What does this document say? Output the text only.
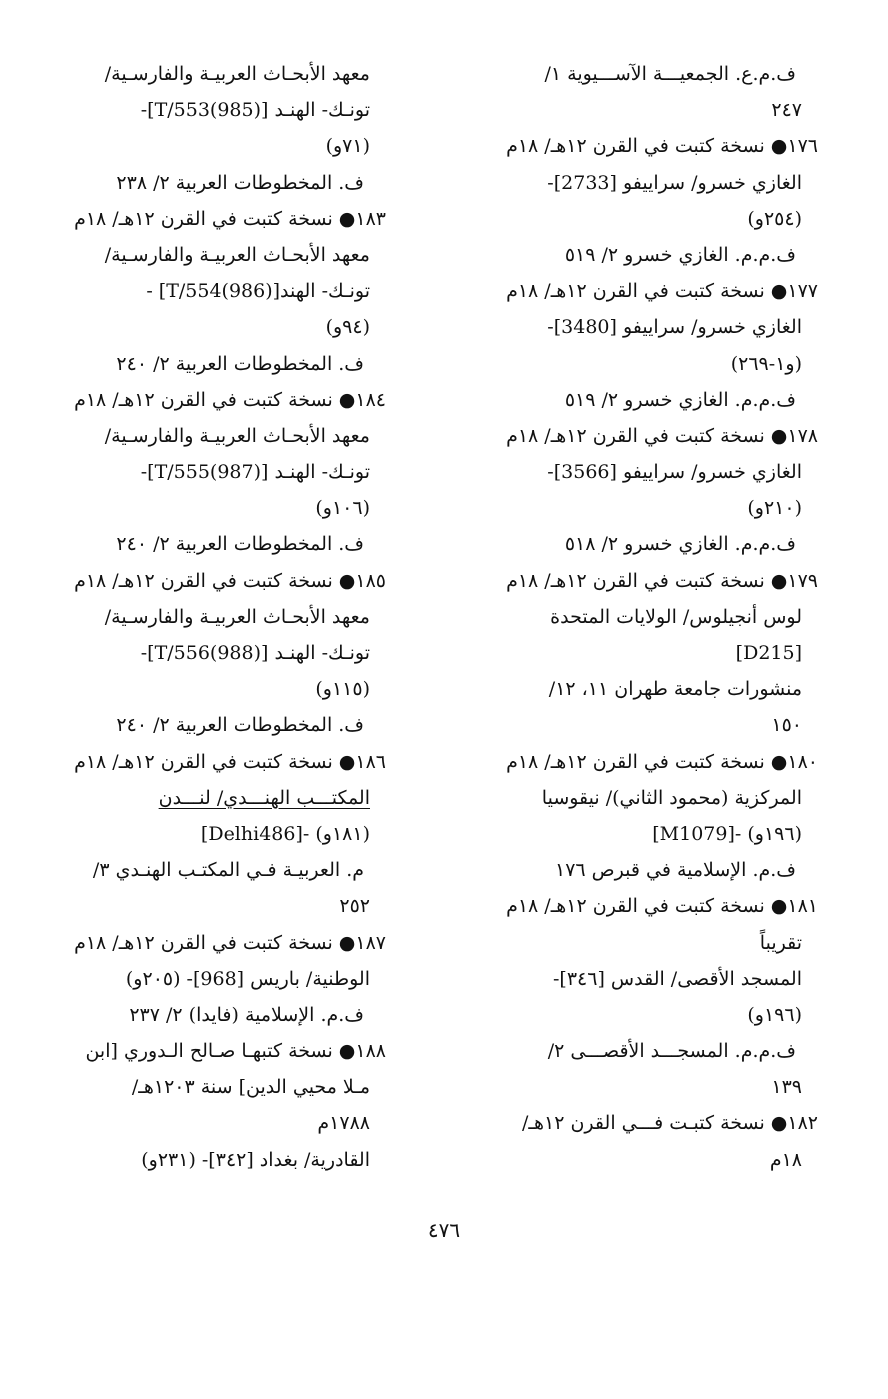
ف.م.ع. الجمعيـــة الآســـيوية ١/
٢٤٧
١٧٦● نسخة كتبت في القرن ١٢هـ/ ١٨م
الغازي خسرو/ سراييفو [2733]-
(٢٥٤و)
ف.م.م. الغازي خسرو ٢/ ٥١٩
١٧٧● نسخة كتبت في القرن ١٢هـ/ ١٨م
الغازي خسرو/ سراييفو [3480]-
(و١-٢٦٩)
ف.م.م. الغازي خسرو ٢/ ٥١٩
١٧٨● نسخة كتبت في القرن ١٢هـ/ ١٨م
الغازي خسرو/ سراييفو [3566]-
(٢١٠و)
ف.م.م. الغازي خسرو ٢/ ٥١٨
١٧٩● نسخة كتبت في القرن ١٢هـ/ ١٨م
لوس أنجيلوس/ الولايات المتحدة
[D215]
منشورات جامعة طهران ١١، ١٢/
١٥٠
١٨٠● نسخة كتبت في القرن ١٢هـ/ ١٨م
المركزية (محمود الثاني)/ نيقوسيا
[M1079]- (١٩٦و)
ف.م. الإسلامية في قبرص ١٧٦
١٨١● نسخة كتبت في القرن ١٢هـ/ ١٨م
تقريباً
المسجد الأقصى/ القدس [٣٤٦]-
(١٩٦و)
ف.م.م. المسجـــد الأقصـــى ٢/
١٣٩
١٨٢● نسخة كتبـت فـــي القرن ١٢هـ/
١٨م
معهد الأبحـاث العربيـة والفارسـية/
تونـك- الهنـد [T/553(985)]-
(٧١و)
ف. المخطوطات العربية ٢/ ٢٣٨
١٨٣● نسخة كتبت في القرن ١٢هـ/ ١٨م
معهد الأبحـاث العربيـة والفارسـية/
تونـك- الهند[T/554(986)] -
(٩٤و)
ف. المخطوطات العربية ٢/ ٢٤٠
١٨٤● نسخة كتبت في القرن ١٢هـ/ ١٨م
معهد الأبحـاث العربيـة والفارسـية/
تونـك- الهنـد [T/555(987)]-
(١٠٦و)
ف. المخطوطات العربية ٢/ ٢٤٠
١٨٥● نسخة كتبت في القرن ١٢هـ/ ١٨م
معهد الأبحـاث العربيـة والفارسـية/
تونـك- الهنـد [T/556(988)]-
(١١٥و)
ف. المخطوطات العربية ٢/ ٢٤٠
١٨٦● نسخة كتبت في القرن ١٢هـ/ ١٨م
المكتـــب الهنـــدي/ لنـــدن
[Delhi486]- (١٨١و)
م. العربيـة فـي المكتـب الهنـدي ٣/
٢٥٢
١٨٧● نسخة كتبت في القرن ١٢هـ/ ١٨م
الوطنية/ باريس [968]- (٢٠٥و)
ف.م. الإسلامية (فايدا) ٢/ ٢٣٧
١٨٨● نسخة كتبهـا صـالح الـدوري [ابن
مـلا محيي الدين] سنة ١٢٠٣هـ/
١٧٨٨م
القادرية/ بغداد [٣٤٢]- (٢٣١و)
٤٧٦
